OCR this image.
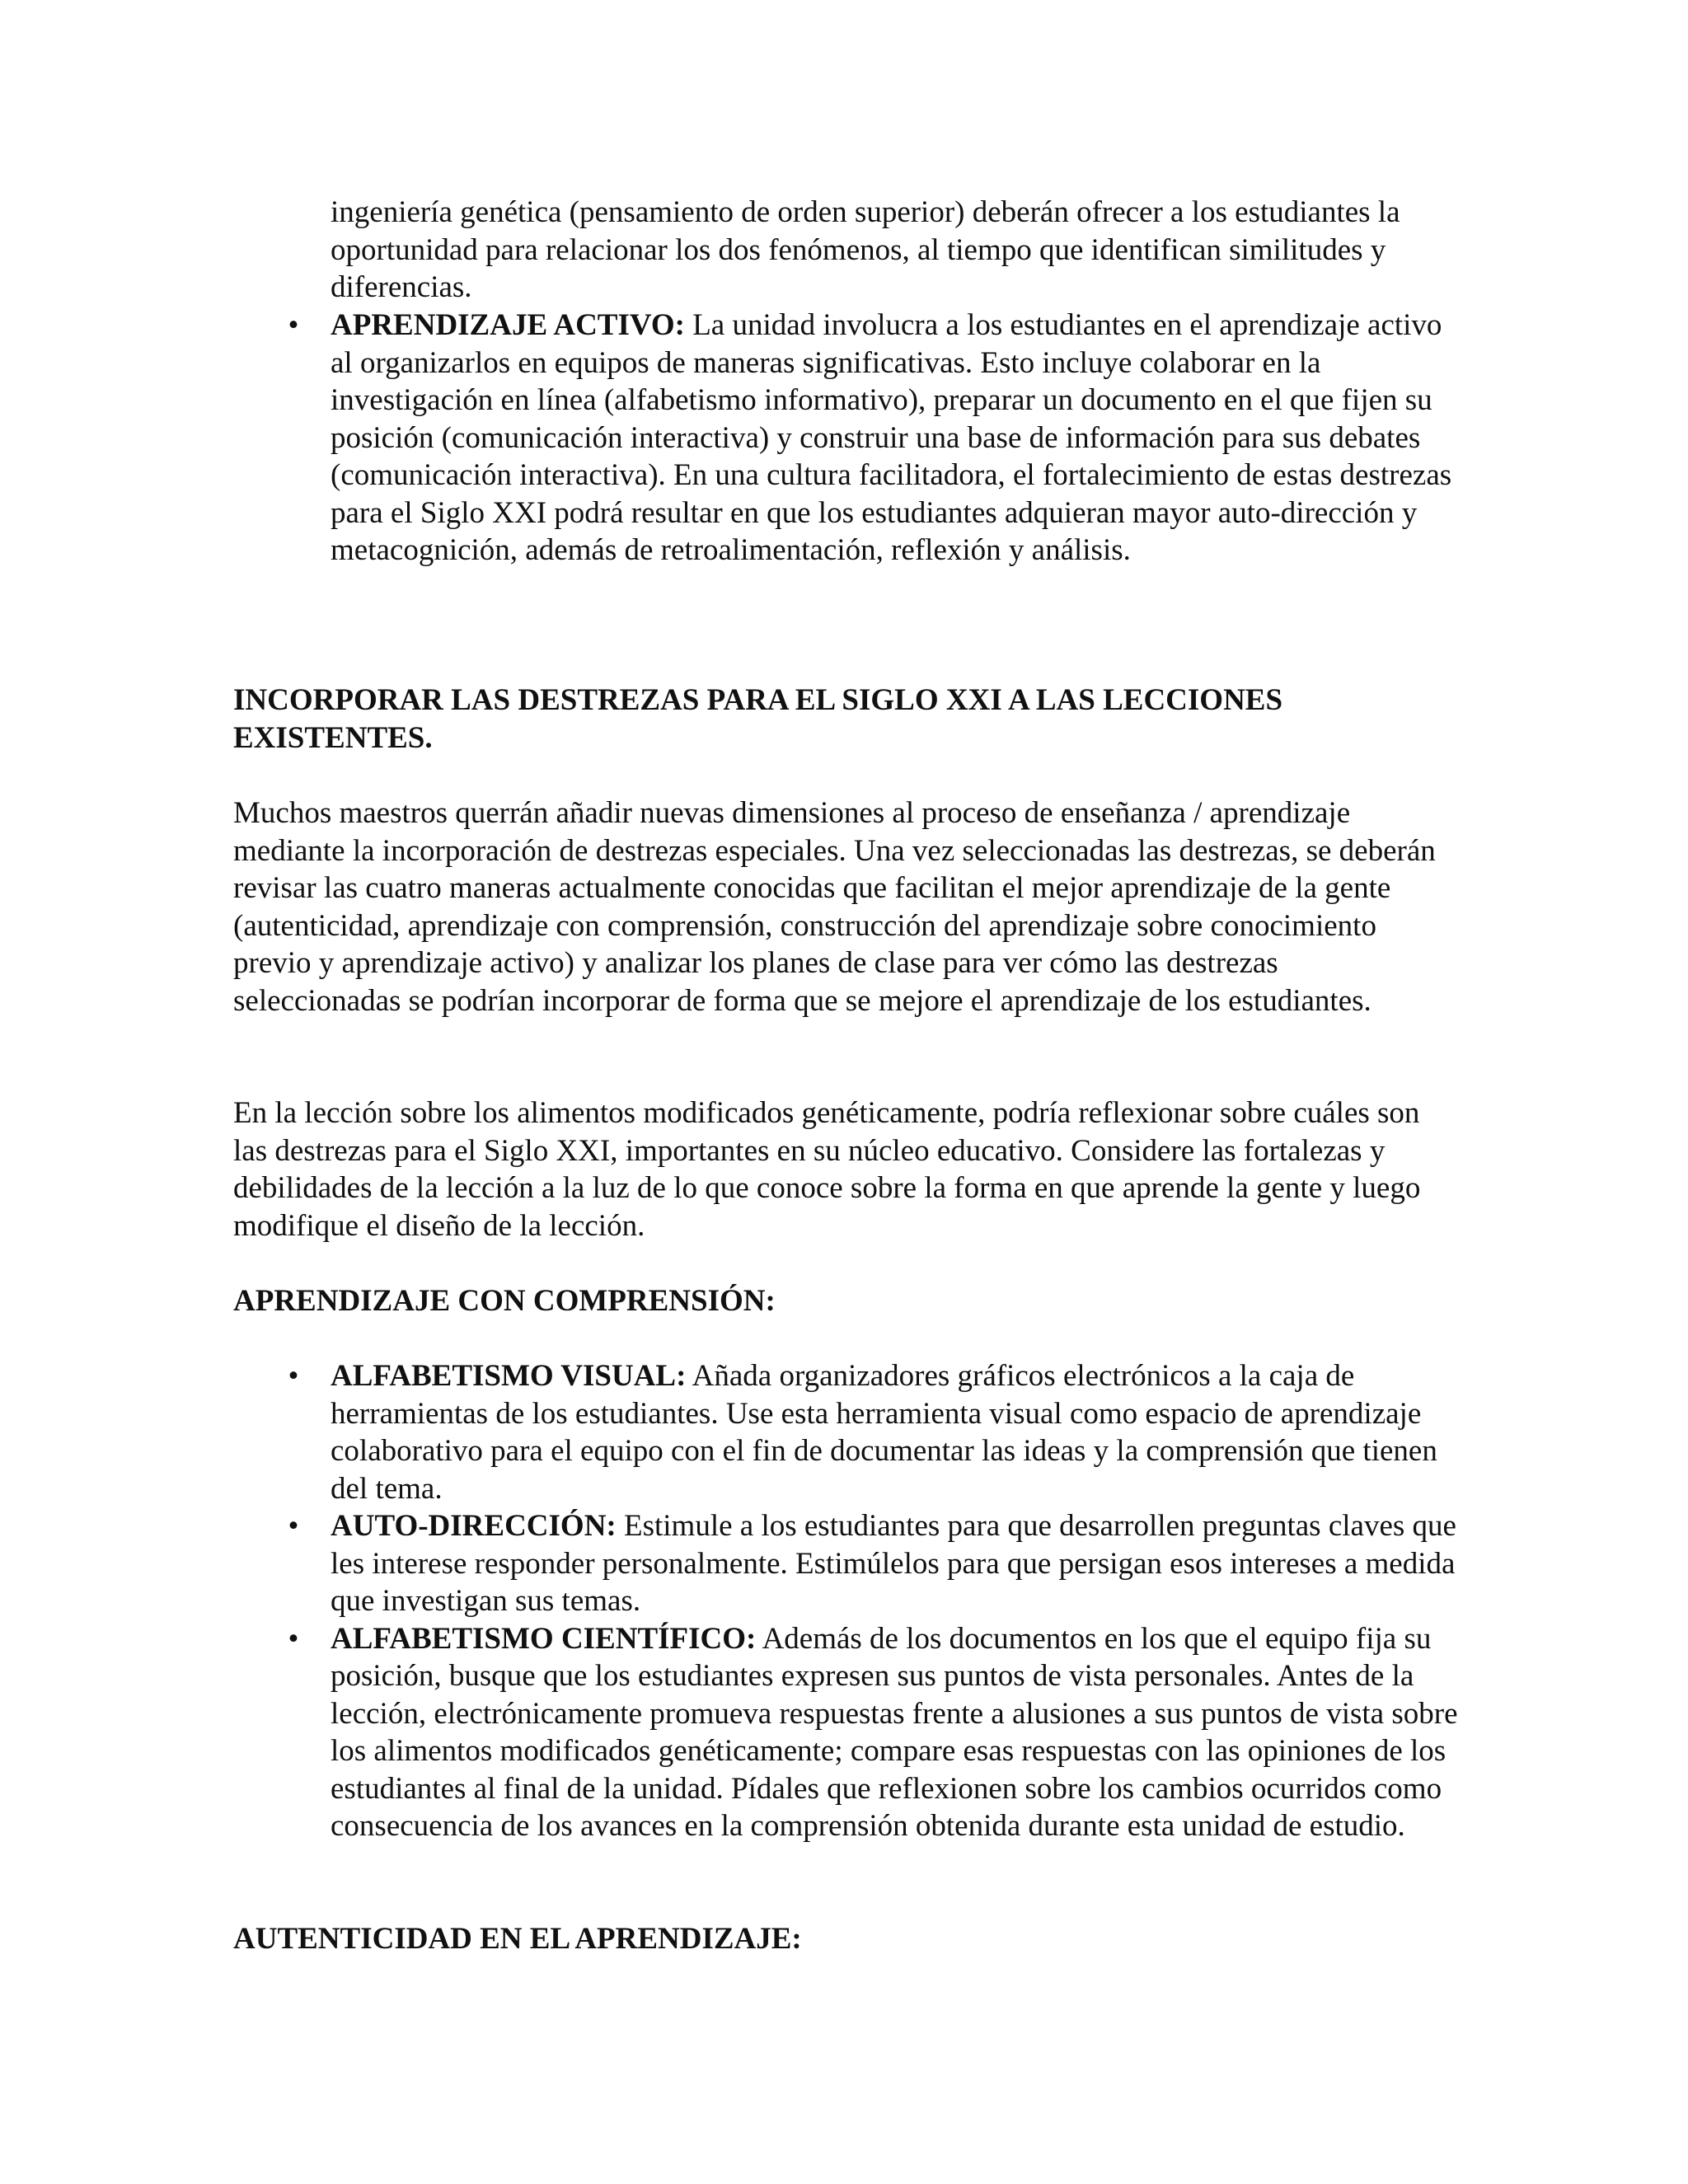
ingeniería genética (pensamiento de orden superior) deberán ofrecer a los estudiantes la oportunidad para relacionar los dos fenómenos, al tiempo que identifican similitudes y diferencias.
• APRENDIZAJE ACTIVO: La unidad involucra a los estudiantes en el aprendizaje activo al organizarlos en equipos de maneras significativas. Esto incluye colaborar en la investigación en línea (alfabetismo informativo), preparar un documento en el que fijen su posición (comunicación interactiva) y construir una base de información para sus debates (comunicación interactiva). En una cultura facilitadora, el fortalecimiento de estas destrezas para el Siglo XXI podrá resultar en que los estudiantes adquieran mayor auto-dirección y metacognición, además de retroalimentación, reflexión y análisis.
INCORPORAR LAS DESTREZAS PARA EL SIGLO XXI A LAS LECCIONES EXISTENTES.
Muchos maestros querrán añadir nuevas dimensiones al proceso de enseñanza / aprendizaje mediante la incorporación de destrezas especiales. Una vez seleccionadas las destrezas, se deberán revisar las cuatro maneras actualmente conocidas que facilitan el mejor aprendizaje de la gente (autenticidad, aprendizaje con comprensión, construcción del aprendizaje sobre conocimiento previo y aprendizaje activo) y analizar los planes de clase para ver cómo las destrezas seleccionadas se podrían incorporar de forma que se mejore el aprendizaje de los estudiantes.
En la lección sobre los alimentos modificados genéticamente, podría reflexionar sobre cuáles son las destrezas para el Siglo XXI, importantes en su núcleo educativo. Considere las fortalezas y debilidades de la lección a la luz de lo que conoce sobre la forma en que aprende la gente y luego modifique el diseño de la lección.
APRENDIZAJE CON COMPRENSIÓN:
• ALFABETISMO VISUAL: Añada organizadores gráficos electrónicos a la caja de herramientas de los estudiantes. Use esta herramienta visual como espacio de aprendizaje colaborativo para el equipo con el fin de documentar las ideas y la comprensión que tienen del tema.
• AUTO-DIRECCIÓN: Estimule a los estudiantes para que desarrollen preguntas claves que les interese responder personalmente. Estimúlelos para que persigan esos intereses a medida que investigan sus temas.
• ALFABETISMO CIENTÍFICO: Además de los documentos en los que el equipo fija su posición, busque que los estudiantes expresen sus puntos de vista personales. Antes de la lección, electrónicamente promueva respuestas frente a alusiones a sus puntos de vista sobre los alimentos modificados genéticamente; compare esas respuestas con las opiniones de los estudiantes al final de la unidad. Pídales que reflexionen sobre los cambios ocurridos como consecuencia de los avances en la comprensión obtenida durante esta unidad de estudio.
AUTENTICIDAD EN EL APRENDIZAJE:
